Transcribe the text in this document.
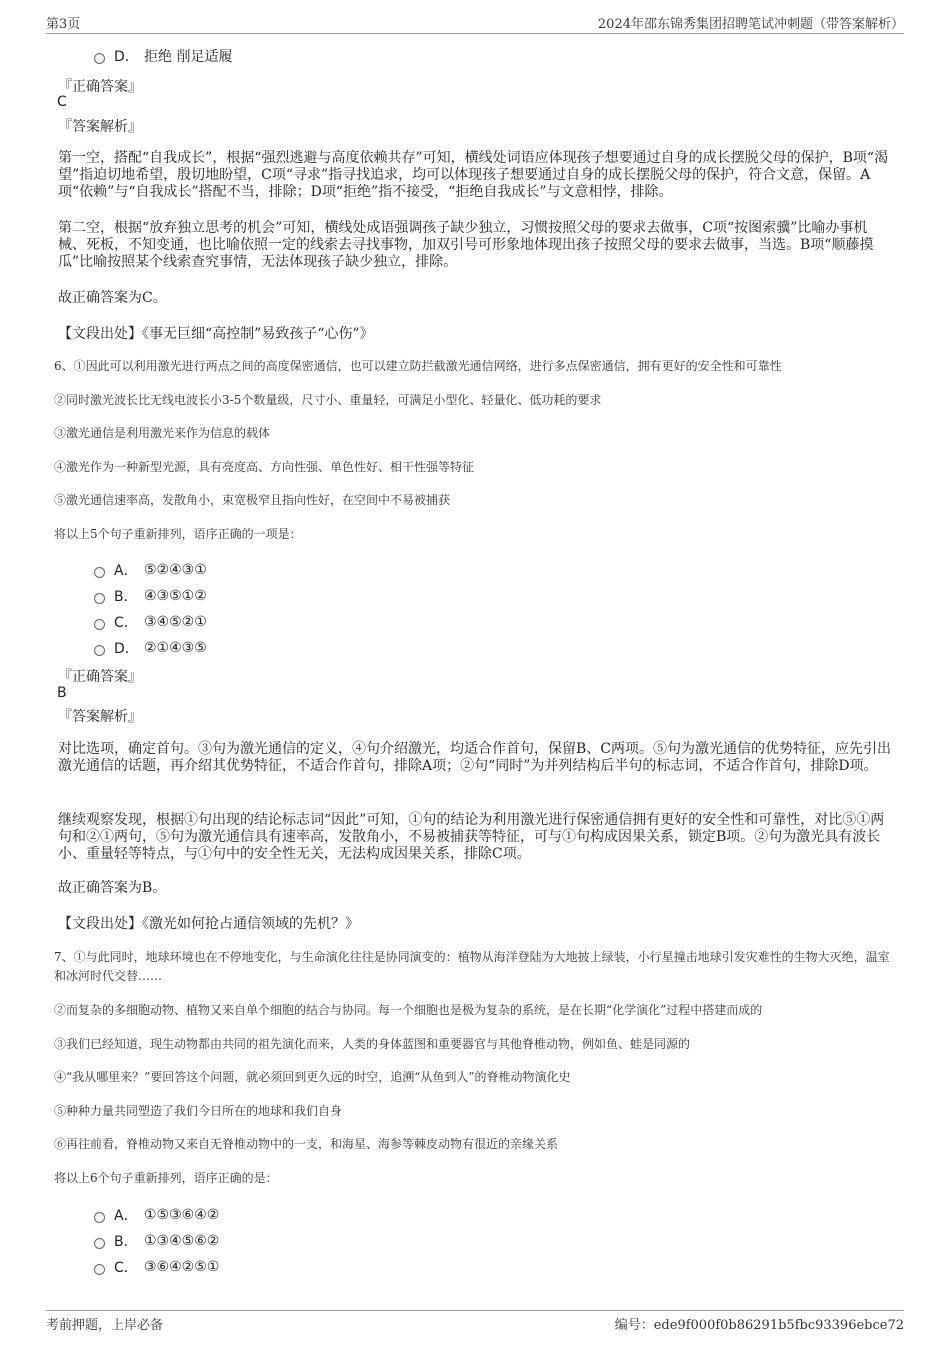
第3页	2024年邵东锦秀集团招聘笔试冲刺题（带答案解析）
D． 拒绝 削足适履
『正确答案』
C
『答案解析』
第一空，搭配“自我成长”，根据“强烈逃避与高度依赖共存”可知，横线处词语应体现孩子想要通过自身的成长摆脱父母的保护，B项“渴望”指迫切地希望，殷切地盼望，C项“寻求”指寻找追求，均可以体现孩子想要通过自身的成长摆脱父母的保护，符合文意，保留。A项“依赖”与“自我成长”搭配不当，排除；D项“拒绝”指不接受，“拒绝自我成长”与文意相悖，排除。
第二空，根据“放弃独立思考的机会”可知，横线处成语强调孩子缺少独立，习惯按照父母的要求去做事，C项“按图索骥”比喻办事机械、死板，不知变通，也比喻依照一定的线索去寻找事物，加双引号可形象地体现出孩子按照父母的要求去做事，当选。B项“顺藤摸瓜”比喻按照某个线索查究事情，无法体现孩子缺少独立，排除。
故正确答案为C。
【文段出处】《事无巨细“高控制”易致孩子“心伤”》
6、①因此可以利用激光进行两点之间的高度保密通信，也可以建立防拦截激光通信网络，进行多点保密通信，拥有更好的安全性和可靠性
②同时激光波长比无线电波长小3-5个数量级，尺寸小、重量轻，可满足小型化、轻量化、低功耗的要求
③激光通信是利用激光来作为信息的载体
④激光作为一种新型光源，具有亮度高、方向性强、单色性好、相干性强等特征
⑤激光通信速率高，发散角小，束宽极窄且指向性好，在空间中不易被捕获
将以上5个句子重新排列，语序正确的一项是：
A． ⑤②④③①
B． ④③⑤①②
C． ③④⑤②①
D． ②①④③⑤
『正确答案』
B
『答案解析』
对比选项，确定首句。③句为激光通信的定义，④句介绍激光，均适合作首句，保留B、C两项。⑤句为激光通信的优势特征，应先引出激光通信的话题，再介绍其优势特征，不适合作首句，排除A项；②句“同时”为并列结构后半句的标志词，不适合作首句，排除D项。
继续观察发现，根据①句出现的结论标志词“因此”可知，①句的结论为利用激光进行保密通信拥有更好的安全性和可靠性，对比⑤①两句和②①两句，⑤句为激光通信具有速率高，发散角小，不易被捕获等特征，可与①句构成因果关系，锁定B项。②句为激光具有波长小、重量轻等特点，与①句中的安全性无关，无法构成因果关系，排除C项。
故正确答案为B。
【文段出处】《激光如何抢占通信领域的先机？》
7、①与此同时，地球环境也在不停地变化，与生命演化往往是协同演变的：植物从海洋登陆为大地披上绿装，小行星撞击地球引发灾难性的生物大灭绝，温室和冰河时代交替……
②而复杂的多细胞动物、植物又来自单个细胞的结合与协同。每一个细胞也是极为复杂的系统，是在长期“化学演化”过程中搭建而成的
③我们已经知道，现生动物都由共同的祖先演化而来，人类的身体蓝图和重要器官与其他脊椎动物，例如鱼、蛙是同源的
④“我从哪里来？”要回答这个问题，就必须回到更久远的时空，追溯“从鱼到人”的脊椎动物演化史
⑤种种力量共同塑造了我们今日所在的地球和我们自身
⑥再往前看，脊椎动物又来自无脊椎动物中的一支，和海星、海参等棘皮动物有很近的亲缘关系
将以上6个句子重新排列，语序正确的是：
A． ①⑤③⑥④②
B． ①③④⑤⑥②
C． ③⑥④②⑤①
考前押题，上岸必备	编号：ede9f000f0b86291b5fbc93396ebce72
